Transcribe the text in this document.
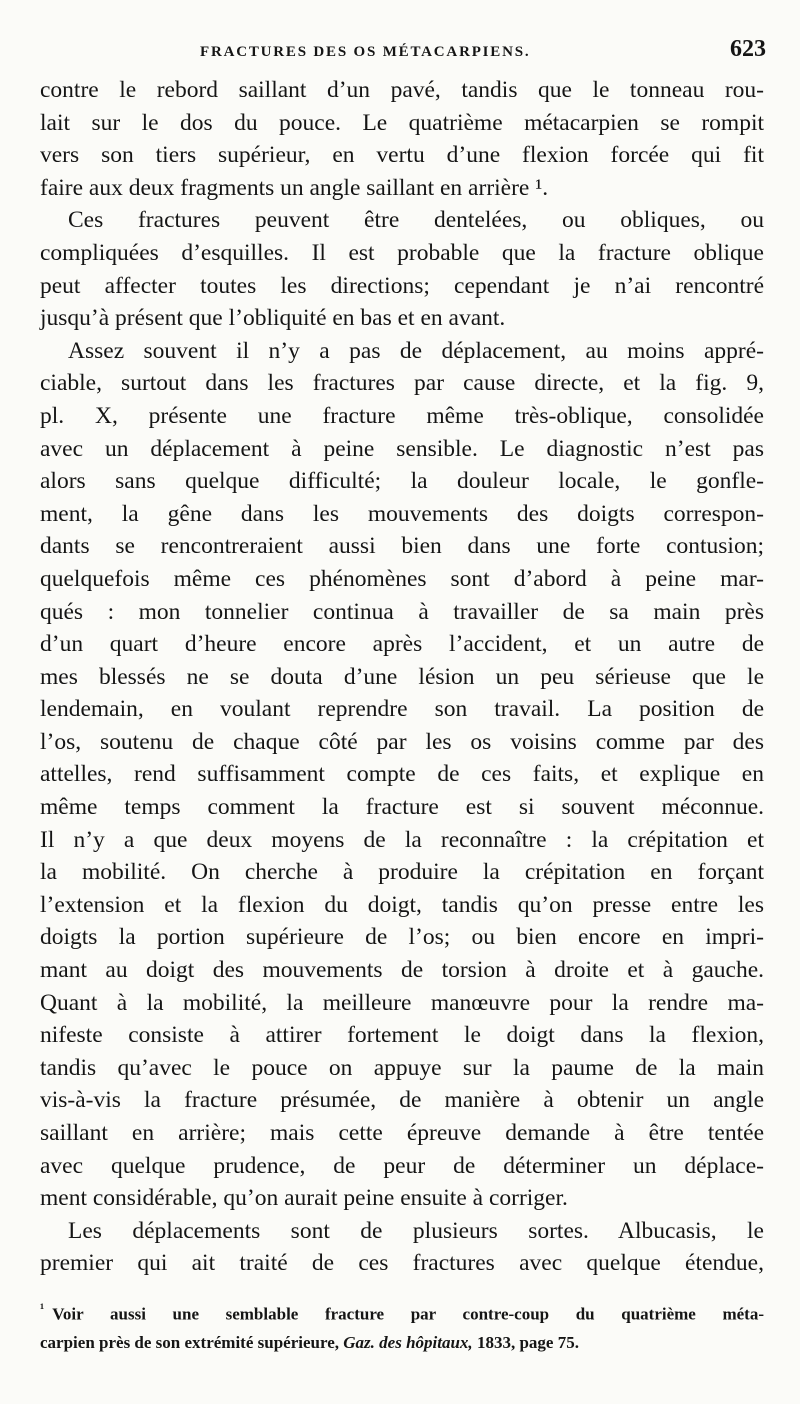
FRACTURES DES OS MÉTACARPIENS.	623
contre le rebord saillant d’un pavé, tandis que le tonneau rou-
lait sur le dos du pouce. Le quatrième métacarpien se rompit
vers son tiers supérieur, en vertu d’une flexion forcée qui fit
faire aux deux fragments un angle saillant en arrière ¹.
Ces fractures peuvent être dentelées, ou obliques, ou
compliquées d’esquilles. Il est probable que la fracture oblique
peut affecter toutes les directions; cependant je n’ai rencontré
jusqu’à présent que l’obliquité en bas et en avant.
Assez souvent il n’y a pas de déplacement, au moins appré-
ciable, surtout dans les fractures par cause directe, et la fig. 9,
pl. X, présente une fracture même très-oblique, consolidée
avec un déplacement à peine sensible. Le diagnostic n’est pas
alors sans quelque difficulté; la douleur locale, le gonfle-
ment, la gêne dans les mouvements des doigts correspon-
dants se rencontreraient aussi bien dans une forte contusion;
quelquefois même ces phénomènes sont d’abord à peine mar-
qués : mon tonnelier continua à travailler de sa main près
d’un quart d’heure encore après l’accident, et un autre de
mes blessés ne se douta d’une lésion un peu sérieuse que le
lendemain, en voulant reprendre son travail. La position de
l’os, soutenu de chaque côté par les os voisins comme par des
attelles, rend suffisamment compte de ces faits, et explique en
même temps comment la fracture est si souvent méconnue.
Il n’y a que deux moyens de la reconnaître : la crépitation et
la mobilité. On cherche à produire la crépitation en forçant
l’extension et la flexion du doigt, tandis qu’on presse entre les
doigts la portion supérieure de l’os; ou bien encore en impri-
mant au doigt des mouvements de torsion à droite et à gauche.
Quant à la mobilité, la meilleure manœuvre pour la rendre ma-
nifeste consiste à attirer fortement le doigt dans la flexion,
tandis qu’avec le pouce on appuye sur la paume de la main
vis-à-vis la fracture présumée, de manière à obtenir un angle
saillant en arrière; mais cette épreuve demande à être tentée
avec quelque prudence, de peur de déterminer un déplace-
ment considérable, qu’on aurait peine ensuite à corriger.
Les déplacements sont de plusieurs sortes. Albucasis, le
premier qui ait traité de ces fractures avec quelque étendue,
$^{^1}$ Voir aussi une semblable fracture par contre-coup du quatrième méta-
carpien près de son extrémité supérieure, Gaz. des hôpitaux, 1833, page 75.
